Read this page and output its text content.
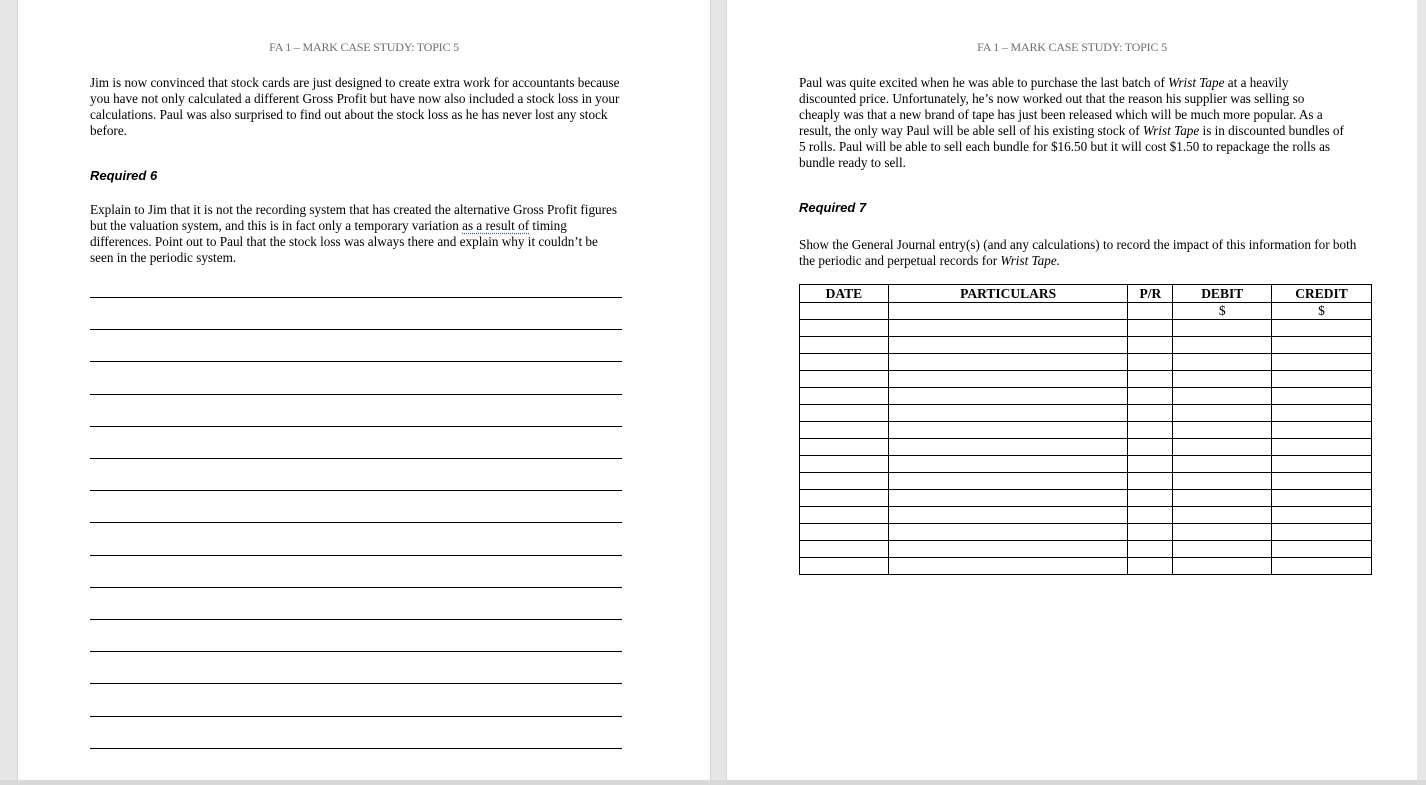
FA 1 – MARK CASE STUDY: TOPIC 5

Jim is now convinced that stock cards are just designed to create extra work for accountants because you have not only calculated a different Gross Profit but have now also included a stock loss in your calculations. Paul was also surprised to find out about the stock loss as he has never lost any stock before.

Required 6

Explain to Jim that it is not the recording system that has created the alternative Gross Profit figures but the valuation system, and this is in fact only a temporary variation as a result of timing differences. Point out to Paul that the stock loss was always there and explain why it couldn’t be seen in the periodic system.

FA 1 – MARK CASE STUDY: TOPIC 5

Paul was quite excited when he was able to purchase the last batch of Wrist Tape at a heavily discounted price. Unfortunately, he’s now worked out that the reason his supplier was selling so cheaply was that a new brand of tape has just been released which will be much more popular. As a result, the only way Paul will be able sell of his existing stock of Wrist Tape is in discounted bundles of 5 rolls. Paul will be able to sell each bundle for $16.50 but it will cost $1.50 to repackage the rolls as bundle ready to sell.

Required 7

Show the General Journal entry(s) (and any calculations) to record the impact of this information for both the periodic and perpetual records for Wrist Tape.

DATE	PARTICULARS	P/R	DEBIT	CREDIT
			$	$
